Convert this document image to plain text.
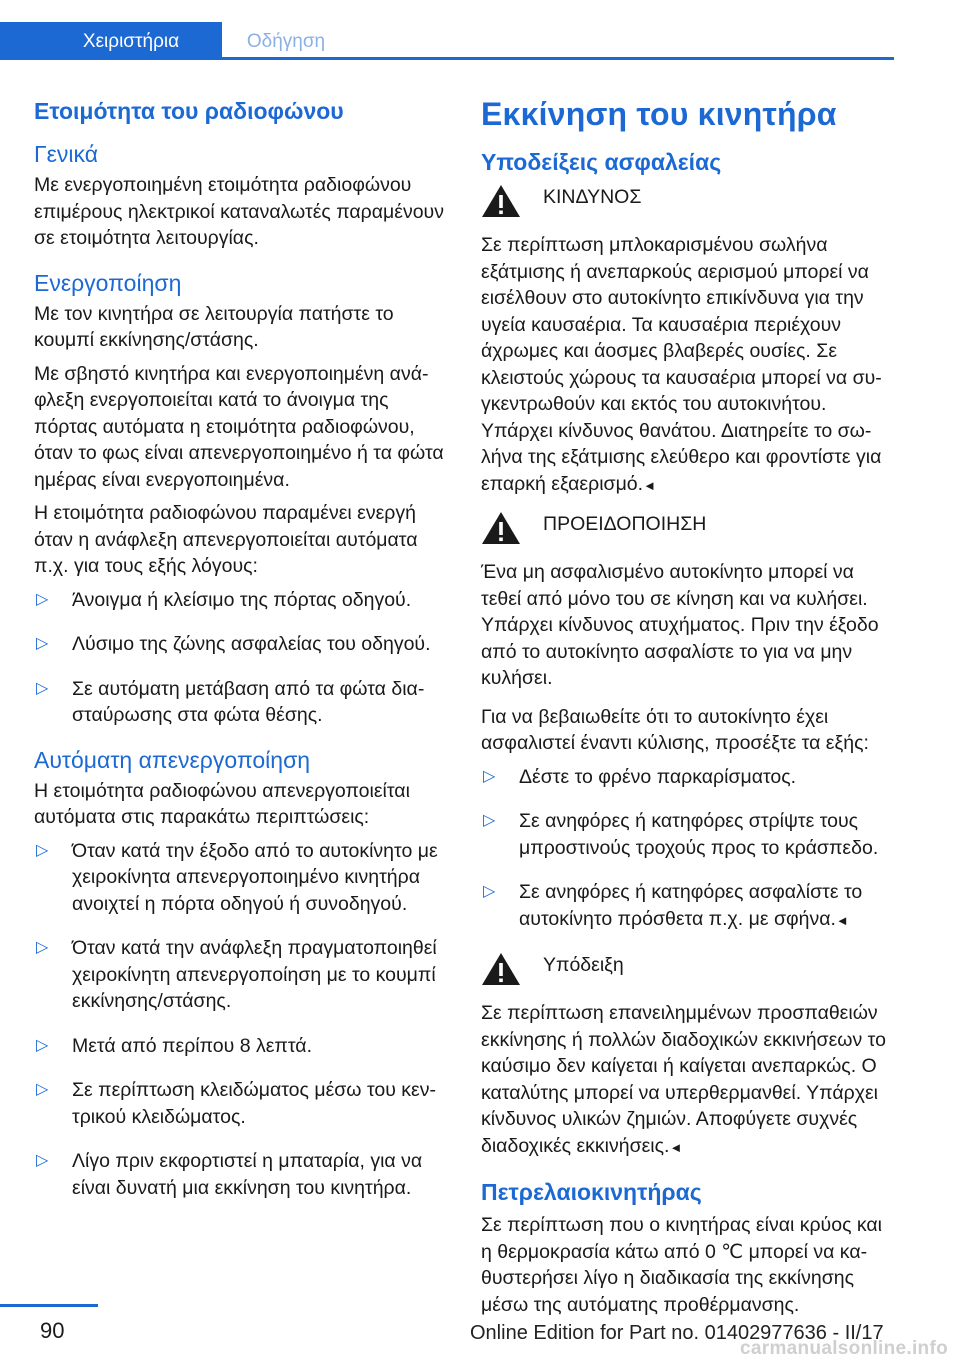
Χειριστήρια	Οδήγηση
Ετοιμότητα του ραδιοφώνου
Γενικά

Με ενεργοποιημένη ετοιμότητα ραδιοφώνου επιμέρους ηλεκτρικοί καταναλωτές παραμένουν σε ετοιμότητα λειτουργίας.

Ενεργοποίηση

Με τον κινητήρα σε λειτουργία πατήστε το κουμπί εκκίνησης/στάσης.

Με σβηστό κινητήρα και ενεργοποιημένη ανάφλεξη ενεργοποιείται κατά το άνοιγμα της πόρτας αυτόματα η ετοιμότητα ραδιοφώνου, όταν το φως είναι απενεργοποιημένο ή τα φώτα ημέρας είναι ενεργοποιημένα.

Η ετοιμότητα ραδιοφώνου παραμένει ενεργή όταν η ανάφλεξη απενεργοποιείται αυτόματα π.χ. για τους εξής λόγους:

▷ Άνοιγμα ή κλείσιμο της πόρτας οδηγού.
▷ Λύσιμο της ζώνης ασφαλείας του οδηγού.
▷ Σε αυτόματη μετάβαση από τα φώτα διασταύρωσης στα φώτα θέσης.
Αυτόματη απενεργοποίηση

Η ετοιμότητα ραδιοφώνου απενεργοποιείται αυτόματα στις παρακάτω περιπτώσεις:

▷ Όταν κατά την έξοδο από το αυτοκίνητο με χειροκίνητα απενεργοποιημένο κινητήρα ανοιχτεί η πόρτα οδηγού ή συνοδηγού.
▷ Όταν κατά την ανάφλεξη πραγματοποιηθεί χειροκίνητη απενεργοποίηση με το κουμπί εκκίνησης/στάσης.
▷ Μετά από περίπου 8 λεπτά.
▷ Σε περίπτωση κλειδώματος μέσω του κεντρικού κλειδώματος.
▷ Λίγο πριν εκφορτιστεί η μπαταρία, για να είναι δυνατή μια εκκίνηση του κινητήρα.
Εκκίνηση του κινητήρα
Υποδείξεις ασφαλείας
ΚΙΝΔΥΝΟΣ

Σε περίπτωση μπλοκαρισμένου σωλήνα εξάτμισης ή ανεπαρκούς αερισμού μπορεί να εισέλθουν στο αυτοκίνητο επικίνδυνα για την υγεία καυσαέρια. Τα καυσαέρια περιέχουν άχρωμες και άοσμες βλαβερές ουσίες. Σε κλειστούς χώρους τα καυσαέρια μπορεί να συγκεντρωθούν και εκτός του αυτοκινήτου. Υπάρχει κίνδυνος θανάτου. Διατηρείτε το σωλήνα της εξάτμισης ελεύθερο και φροντίστε για επαρκή εξαερισμό.◄

ΠΡΟΕΙΔΟΠΟΙΗΣΗ

Ένα μη ασφαλισμένο αυτοκίνητο μπορεί να τεθεί από μόνο του σε κίνηση και να κυλήσει. Υπάρχει κίνδυνος ατυχήματος. Πριν την έξοδο από το αυτοκίνητο ασφαλίστε το για να μην κυλήσει.

Για να βεβαιωθείτε ότι το αυτοκίνητο έχει ασφαλιστεί έναντι κύλισης, προσέξτε τα εξής:

▷ Δέστε το φρένο παρκαρίσματος.
▷ Σε ανηφόρες ή κατηφόρες στρίψτε τους μπροστινούς τροχούς προς το κράσπεδο.
▷ Σε ανηφόρες ή κατηφόρες ασφαλίστε το αυτοκίνητο πρόσθετα π.χ. με σφήνα.◄
Υπόδειξη

Σε περίπτωση επανειλημμένων προσπαθειών εκκίνησης ή πολλών διαδοχικών εκκινήσεων το καύσιμο δεν καίγεται ή καίγεται ανεπαρκώς. Ο καταλύτης μπορεί να υπερθερμανθεί. Υπάρχει κίνδυνος υλικών ζημιών. Αποφύγετε συχνές διαδοχικές εκκινήσεις.◄

Πετρελαιοκινητήρας

Σε περίπτωση που ο κινητήρας είναι κρύος και η θερμοκρασία κάτω από 0 ℃ μπορεί να καθυστερήσει λίγο η διαδικασία της εκκίνησης μέσω της αυτόματης προθέρμανσης.

90	Online Edition for Part no. 01402977636 - II/17
carmanualsonline.info
